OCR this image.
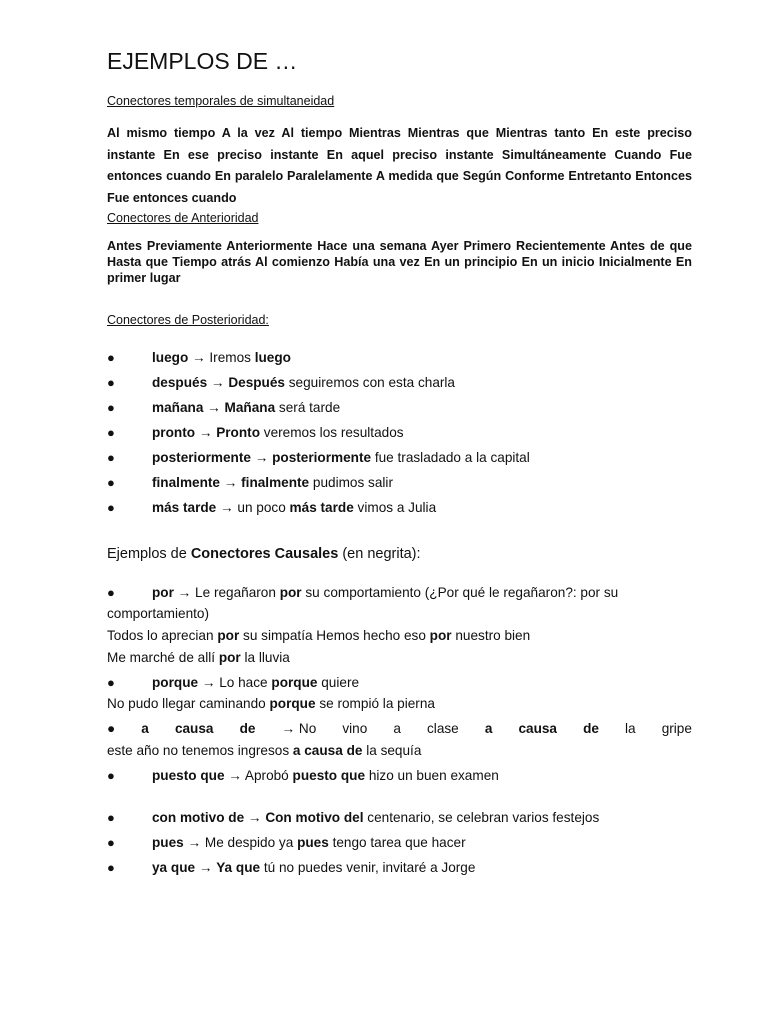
EJEMPLOS DE …
Conectores temporales de simultaneidad
Al mismo tiempo A la vez Al tiempo Mientras Mientras que Mientras tanto En este preciso instante En ese preciso instante En aquel preciso instante Simultáneamente Cuando Fue entonces cuando En paralelo Paralelamente A medida que Según Conforme Entretanto Entonces Fue entonces cuando
Conectores de Anterioridad
Antes Previamente Anteriormente Hace una semana Ayer Primero Recientemente Antes de que Hasta que Tiempo atrás Al comienzo Había una vez En un principio En un inicio Inicialmente En primer lugar
Conectores de Posterioridad:
●	luego → Iremos luego
●	después → Después seguiremos con esta charla
●	mañana → Mañana será tarde
●	pronto → Pronto veremos los resultados
●	posteriormente → posteriormente fue trasladado a la capital
●	finalmente → finalmente pudimos salir
●	más tarde → un poco más tarde vimos a Julia
Ejemplos de Conectores Causales (en negrita):
●	por → Le regañaron por su comportamiento (¿Por qué le regañaron?: por su
comportamiento)
Todos lo aprecian por su simpatía Hemos hecho eso por nuestro bien
Me marché de allí por la lluvia
●	porque → Lo hace porque quiere
No pudo llegar caminando porque se rompió la pierna
● a causa de → No vino a clase a causa de la gripe
este año no tenemos ingresos a causa de la sequía
●	puesto que → Aprobó puesto que hizo un buen examen
●	con motivo de → Con motivo del centenario, se celebran varios festejos
●	pues → Me despido ya pues tengo tarea que hacer
●	ya que → Ya que tú no puedes venir, invitaré a Jorge
